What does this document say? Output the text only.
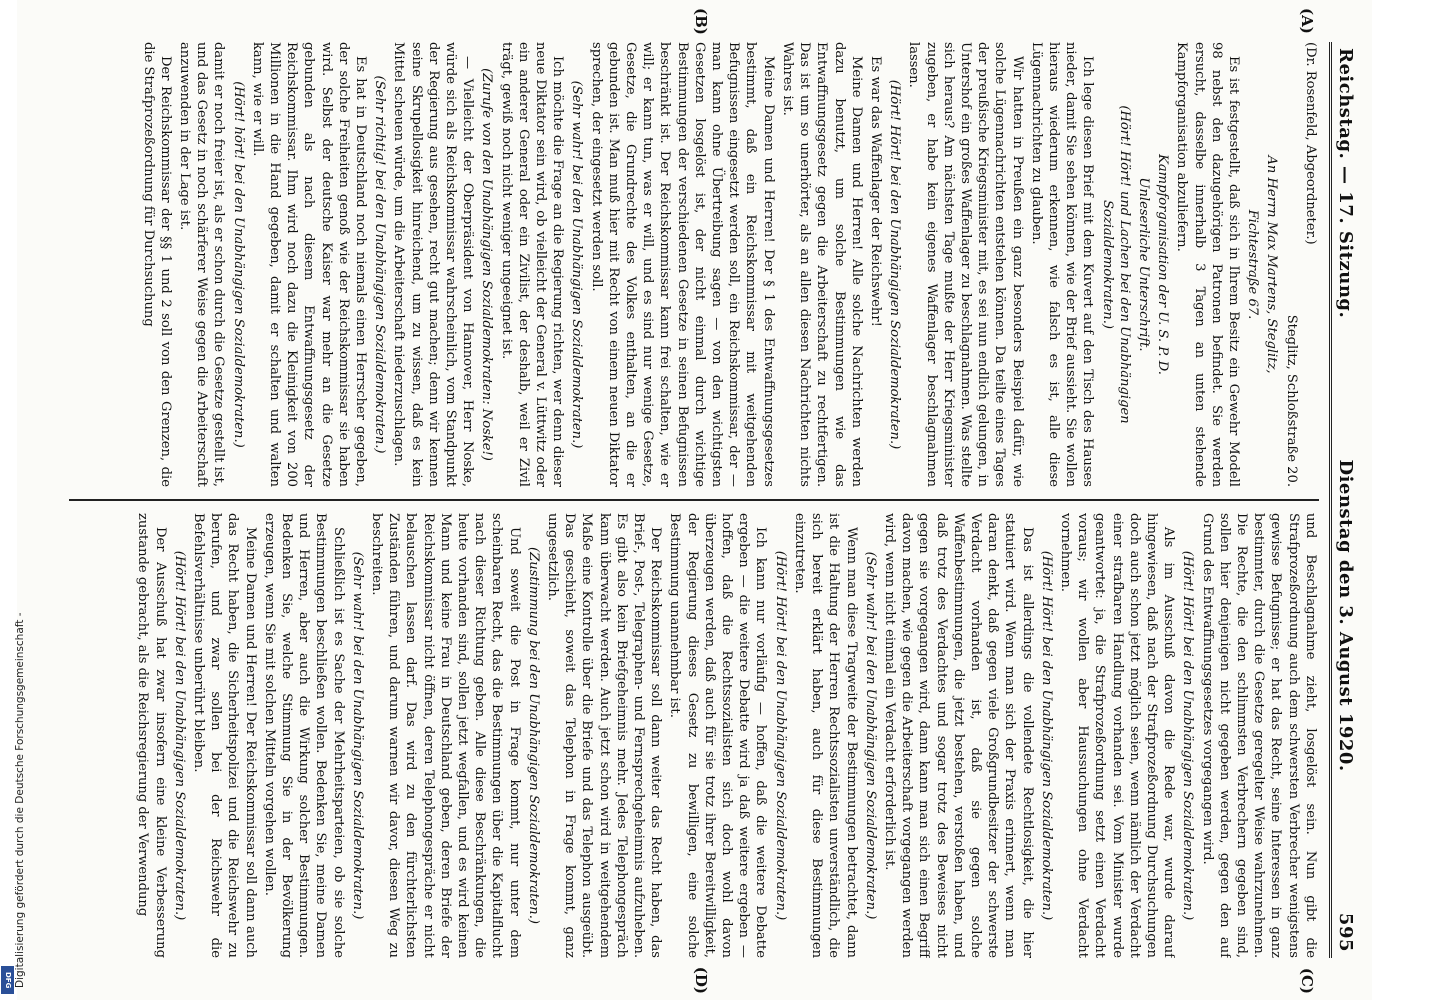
Reichstag. — 17. Sitzung.
Dienstag den 3. August 1920.
595
(A)
(B)
(C)
(D)

(Dr. Rosenfeld, Abgeordneter.)

Steglitz, Schloßstraße 20.

An Herrn Max Martens, Steglitz,

Fichtestraße 67.

Es ist festgestellt, daß sich in Ihrem Besitz ein Gewehr Modell 98 nebst den dazugehörigen Patronen befindet. Sie werden ersucht, dasselbe innerhalb 3 Tagen an unten stehende Kampforganisation abzuliefern.

Kampforganisation der U. S. P. D.

Unleserliche Unterschrift.

(Hört! Hört! und Lachen bei den Unabhängigen Sozialdemokraten.)

Ich lege diesen Brief mit dem Kuvert auf den Tisch des Hauses nieder, damit Sie sehen können, wie der Brief aussieht. Sie wollen hieraus wiederum erkennen, wie falsch es ist, alle diese Lügennachrichten zu glauben.

Wir hatten in Preußen ein ganz besonders Beispiel dafür, wie solche Lügennachrichten entstehen können. Da teilte eines Tages der preußische Kriegsminister mit, es sei nun endlich gelungen, in Untershof ein großes Waffenlager zu beschlagnahmen. Was stellte sich heraus? Am nächsten Tage mußte der Herr Kriegsminister zugeben, er habe kein eigenes Waffenlager beschlagnahmen lassen.

(Hört! Hört! bei den Unabhängigen Sozialdemokraten.)

Es war das Waffenlager der Reichswehr!

Meine Damen und Herren! Alle solche Nachrichten werden dazu benutzt, um solche Bestimmungen wie das Entwaffnungsgesetz gegen die Arbeiterschaft zu rechtfertigen. Das ist um so unerhörter, als an allen diesen Nachrichten nichts Wahres ist.

Meine Damen und Herren! Der § 1 des Entwaffnungsgesetzes bestimmt, daß ein Reichskommissar mit weitgehenden Befugnissen eingesetzt werden soll, ein Reichskommissar, der — man kann ohne Übertreibung sagen — von den wichtigsten Gesetzen losgelöst ist, der nicht einmal durch wichtige Bestimmungen der verschiedenen Gesetze in seinen Befugnissen beschränkt ist. Der Reichskommissar kann frei schalten, wie er will; er kann tun, was er will, und es sind nur wenige Gesetze, Gesetze, die Grundrechte des Volkes enthalten, an die er gebunden ist. Man muß hier mit Recht von einem neuen Diktator sprechen, der eingesetzt werden soll.

(Sehr wahr! bei den Unabhängigen Sozialdemokraten.)

Ich möchte die Frage an die Regierung richten, wer denn dieser neue Diktator sein wird, ob vielleicht der General v. Lüttwitz oder ein anderer General oder ein Zivilist, der deshalb, weil er Zivil trägt, gewiß noch nicht weniger ungeeignet ist.

(Zurufe von den Unabhängigen Sozialdemokraten: Noske!)

— Vielleicht der Oberpräsident von Hannover, Herr Noske, würde sich als Reichskommissar wahrscheinlich, vom Standpunkt der Regierung aus gesehen, recht gut machen; denn wir kennen seine Skrupellosigkeit hinreichend, um zu wissen, daß es kein Mittel scheuen würde, um die Arbeiterschaft niederzuschlagen.

(Sehr richtig! bei den Unabhängigen Sozialdemokraten.)

Es hat in Deutschland noch niemals einen Herrscher gegeben, der solche Freiheiten genoß wie der Reichskommissar sie haben wird. Selbst der deutsche Kaiser war mehr an die Gesetze gebunden als nach diesem Entwaffnungsgesetz der Reichskommissar. Ihm wird noch dazu die Kleinigkeit von 200 Millionen in die Hand gegeben, damit er schalten und walten kann, wie er will.

(Hört! hört! bei den Unabhängigen Sozialdemokraten.)

damit er noch freier ist, als er schon durch die Gesetze gestellt ist, und das Gesetz in noch schärferer Weise gegen die Arbeiterschaft anzuwenden in der Lage ist.

Der Reichskommissar der §§ 1 und 2 soll von den Grenzen, die die Strafprozeßordnung für Durchsuchung

und Beschlagnahme zieht, losgelöst sein. Nun gibt die Strafprozeßordnung auch dem schwersten Verbrecher wenigstens gewisse Befugnisse; er hat das Recht, seine Interessen in ganz bestimmter, durch die Gesetze geregelter Weise wahrzunehmen. Die Rechte, die den schlimmsten Verbrechern gegeben sind, sollen hier denjenigen nicht gegeben werden, gegen den auf Grund des Entwaffnungsgesetzes vorgegangen wird.

(Hört! Hört! bei den Unabhängigen Sozialdemokraten.)

Als im Ausschuß davon die Rede war, wurde darauf hingewiesen, daß nach der Strafprozeßordnung Durchsuchungen doch auch schon jetzt möglich seien, wenn nämlich der Verdacht einer strafbaren Handlung vorhanden sei. Vom Minister wurde geantwortet: ja, die Strafprozeßordnung setzt einen Verdacht voraus; wir wollen aber Haussuchungen ohne Verdacht vornehmen.

(Hört! Hört! bei den Unabhängigen Sozialdemokraten.)

Das ist allerdings die vollendete Rechtlosigkeit, die hier statuiert wird. Wenn man sich der Praxis erinnert, wenn man daran denkt, daß gegen viele Großgrundbesitzer der schwerste Verdacht vorhanden ist, daß sie gegen solche Waffenbestimmungen, die jetzt bestehen, verstoßen haben, und daß trotz des Verdachtes und sogar trotz des Beweises nicht gegen sie vorgegangen wird, dann kann man sich einen Begriff davon machen, wie gegen die Arbeiterschaft vorgegangen werden wird, wenn nicht einmal ein Verdacht erforderlich ist.

(Sehr wahr! bei den Unabhängigen Sozialdemokraten.)

Wenn man diese Tragweite der Bestimmungen betrachtet, dann ist die Haltung der Herren Rechtssozialisten unverständlich, die sich bereit erklärt haben, auch für diese Bestimmungen einzutreten.

(Hört! Hört! bei den Unabhängigen Sozialdemokraten.)

Ich kann nur vorläufig — hoffen, daß die weitere Debatte ergeben — die weitere Debatte wird ja daß weitere ergeben — hoffen, daß die Rechtssozialisten sich doch wohl davon überzeugen werden, daß auch für sie trotz ihrer Bereitwilligkeit, der Regierung dieses Gesetz zu bewilligen, eine solche Bestimmung unannehmbar ist.

Der Reichskommissar soll dann weiter das Recht haben, das Brief-, Post-, Telegraphen- und Fernsprechgeheimnis aufzuheben. Es gibt also kein Briefgeheimnis mehr. Jedes Telephongespräch kann überwacht werden. Auch jetzt schon wird in weitgehendem Maße eine Kontrolle über die Briefe und das Telephon ausgeübt. Das geschieht, soweit das Telephon in Frage kommt, ganz ungesetzlich.

(Zustimmung bei den Unabhängigen Sozialdemokraten.)

Und soweit die Post in Frage kommt, nur unter dem scheinbaren Recht, das die Bestimmungen über die Kapitalflucht nach dieser Richtung geben. Alle diese Beschränkungen, die heute vorhanden sind, sollen jetzt wegfallen, und es wird keinen Mann und keine Frau in Deutschland geben, deren Briefe der Reichskommissar nicht öffnen, deren Telephongespräche er nicht belauschen lassen darf. Das wird zu den fürchterlichsten Zuständen führen, und darum warnen wir davor, diesen Weg zu beschreiten.

(Sehr wahr! bei den Unabhängigen Sozialdemokraten.)

Schließlich ist es Sache der Mehrheitsparteien, ob sie solche Bestimmungen beschließen wollen. Bedenken Sie, meine Damen und Herren, aber auch die Wirkung solcher Bestimmungen. Bedenken Sie, welche Stimmung Sie in der Bevölkerung erzeugen, wenn Sie mit solchen Mitteln vorgehen wollen.

Meine Damen und Herren! Der Reichskommissar soll dann auch das Recht haben, die Sicherheitspolizei und die Reichswehr zu berufen, und zwar sollen bei der Reichswehr die Befehlsverhältnisse unberührt bleiben.

(Hört! Hört! bei den Unabhängigen Sozialdemokraten.)

Der Ausschuß hat zwar insofern eine kleine Verbesserung zustande gebracht, als die Reichsregierung der Verwendung

Digitalisierung gefördert durch die Deutsche Forschungsgemeinschaft -
DFG
